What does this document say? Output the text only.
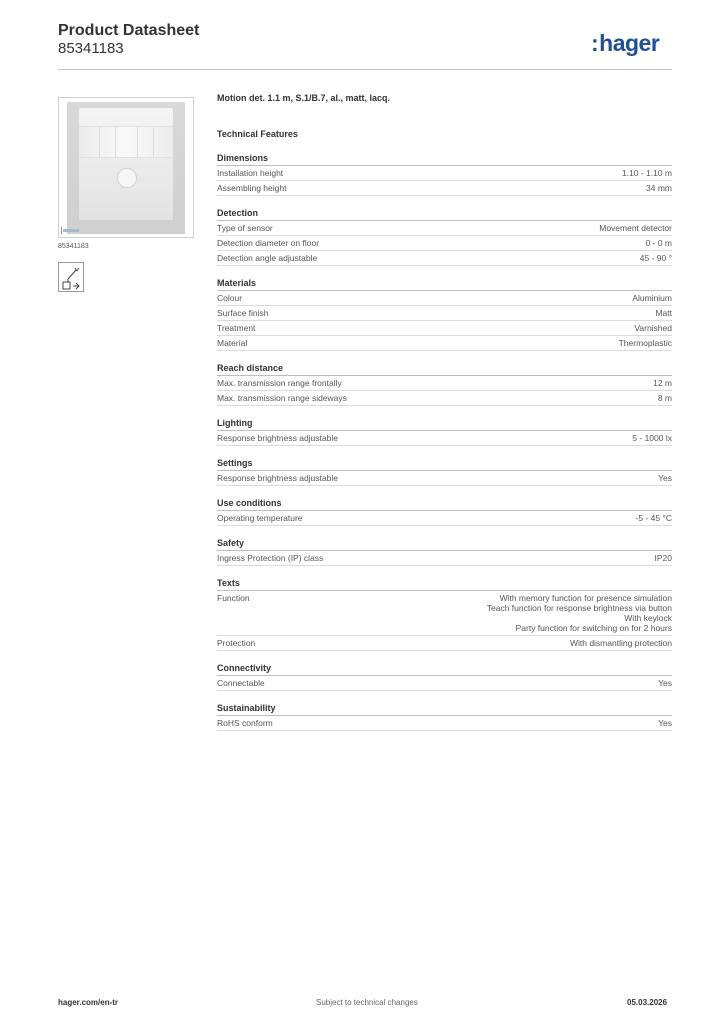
Product Datasheet
85341183	:hager
85341183
Motion det. 1.1 m, S.1/B.7, al., matt, lacq.
Technical Features
Dimensions
Installation height	1.10 - 1.10 m
Assembling height	34 mm
Detection
Type of sensor	Movement detector
Detection diameter on floor	0 - 0 m
Detection angle adjustable	45 - 90 °
Materials
Colour	Aluminium
Surface finish	Matt
Treatment	Varnished
Material	Thermoplastic
Reach distance
Max. transmission range frontally	12 m
Max. transmission range sideways	8 m
Lighting
Response brightness adjustable	5 - 1000 lx
Settings
Response brightness adjustable	Yes
Use conditions
Operating temperature	-5 - 45 °C
Safety
Ingress Protection (IP) class	IP20
Texts
Function	With memory function for presence simulation
Teach function for response brightness via button
With keylock
Party function for switching on for 2 hours
Protection	With dismantling protection
Connectivity
Connectable	Yes
Sustainability
RoHS conform	Yes
hager.com/en-tr	Subject to technical changes	05.03.2026
